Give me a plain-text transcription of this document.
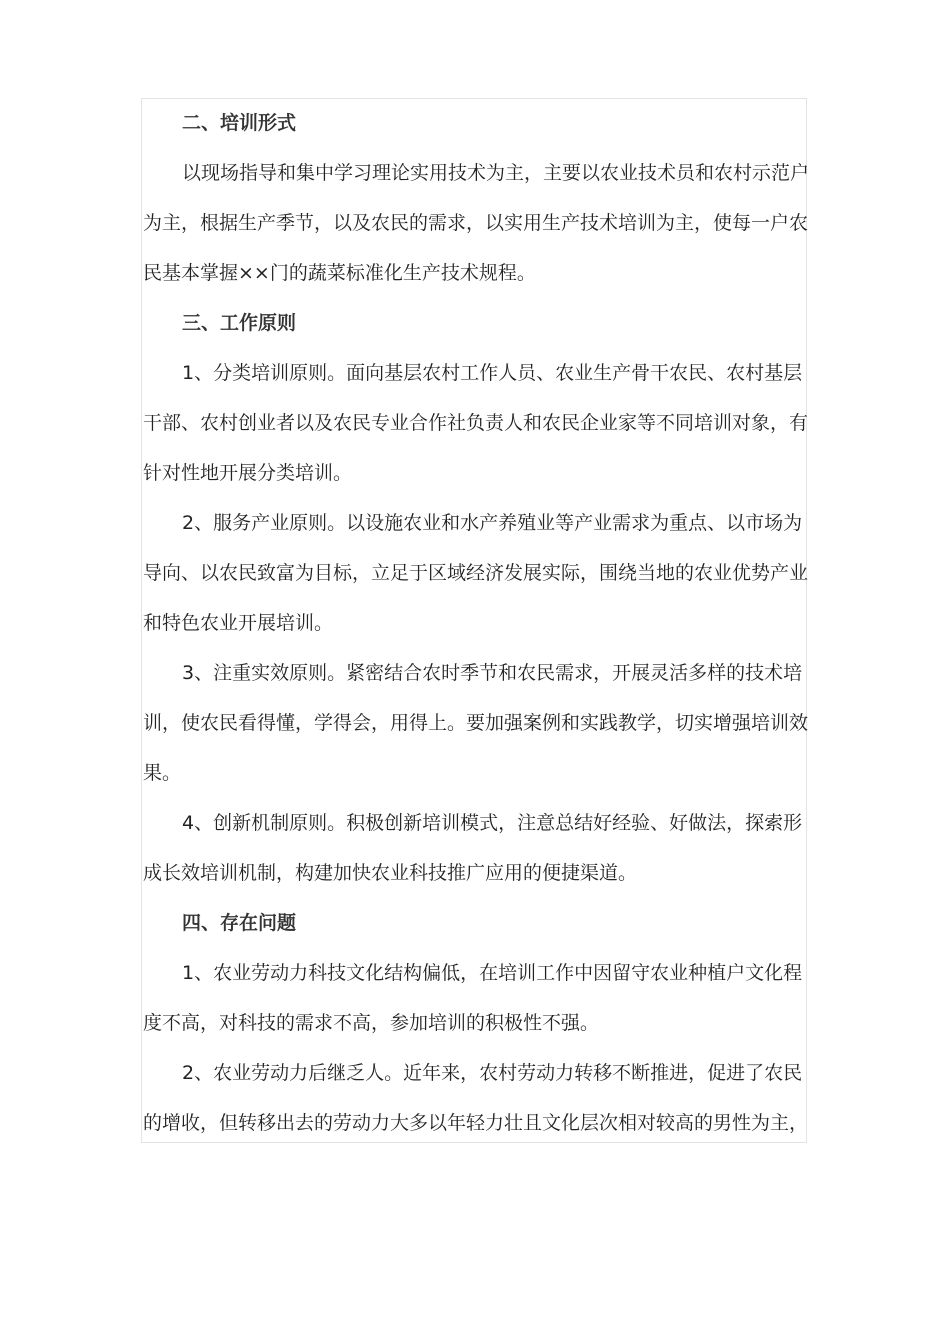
二、培训形式
以现场指导和集中学习理论实用技术为主，主要以农业技术员和农村示范户
为主，根据生产季节，以及农民的需求，以实用生产技术培训为主，使每一户农
民基本掌握××门的蔬菜标准化生产技术规程。
三、工作原则
1、分类培训原则。面向基层农村工作人员、农业生产骨干农民、农村基层
干部、农村创业者以及农民专业合作社负责人和农民企业家等不同培训对象，有
针对性地开展分类培训。
2、服务产业原则。以设施农业和水产养殖业等产业需求为重点、以市场为
导向、以农民致富为目标，立足于区域经济发展实际，围绕当地的农业优势产业
和特色农业开展培训。
3、注重实效原则。紧密结合农时季节和农民需求，开展灵活多样的技术培
训，使农民看得懂，学得会，用得上。要加强案例和实践教学，切实增强培训效
果。
4、创新机制原则。积极创新培训模式，注意总结好经验、好做法，探索形
成长效培训机制，构建加快农业科技推广应用的便捷渠道。
四、存在问题
1、农业劳动力科技文化结构偏低，在培训工作中因留守农业种植户文化程
度不高，对科技的需求不高，参加培训的积极性不强。
2、农业劳动力后继乏人。近年来，农村劳动力转移不断推进，促进了农民
的增收，但转移出去的劳动力大多以年轻力壮且文化层次相对较高的男性为主，
